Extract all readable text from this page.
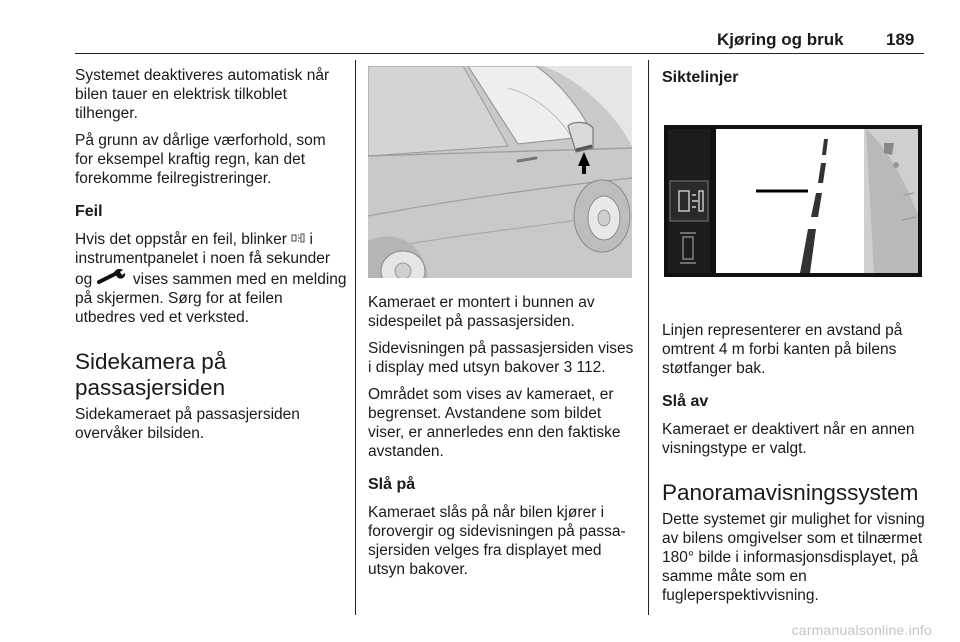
Kjøring og bruk 189

Systemet deaktiveres automatisk når bilen tauer en elektrisk tilkoblet tilhenger.

På grunn av dårlige værforhold, som for eksempel kraftig regn, kan det forekomme feilregistreringer.

Feil

Hvis det oppstår en feil, blinker  i instrumentpanelet i noen få sekunder og  vises sammen med en melding på skjermen. Sørg for at feilen utbedres ved et verksted.

Sidekamera på passasjersiden

Sidekameraet på passasjersiden overvåker bilsiden.

Kameraet er montert i bunnen av sidespeilet på passasjersiden.

Sidevisningen på passasjersiden vises i display med utsyn bakover 3 112.

Området som vises av kameraet, er begrenset. Avstandene som bildet viser, er annerledes enn den faktiske avstanden.

Slå på

Kameraet slås på når bilen kjører i forovergir og sidevisningen på passasjersiden velges fra displayet med utsyn bakover.

Siktelinjer

Linjen representerer en avstand på omtrent 4 m forbi kanten på bilens støtfanger bak.

Slå av

Kameraet er deaktivert når en annen visningstype er valgt.

Panoramavisningssystem

Dette systemet gir mulighet for visning av bilens omgivelser som et tilnærmet 180° bilde i informasjonsdisplayet, på samme måte som en fugleperspektivvisning.

carmanualsonline.info
